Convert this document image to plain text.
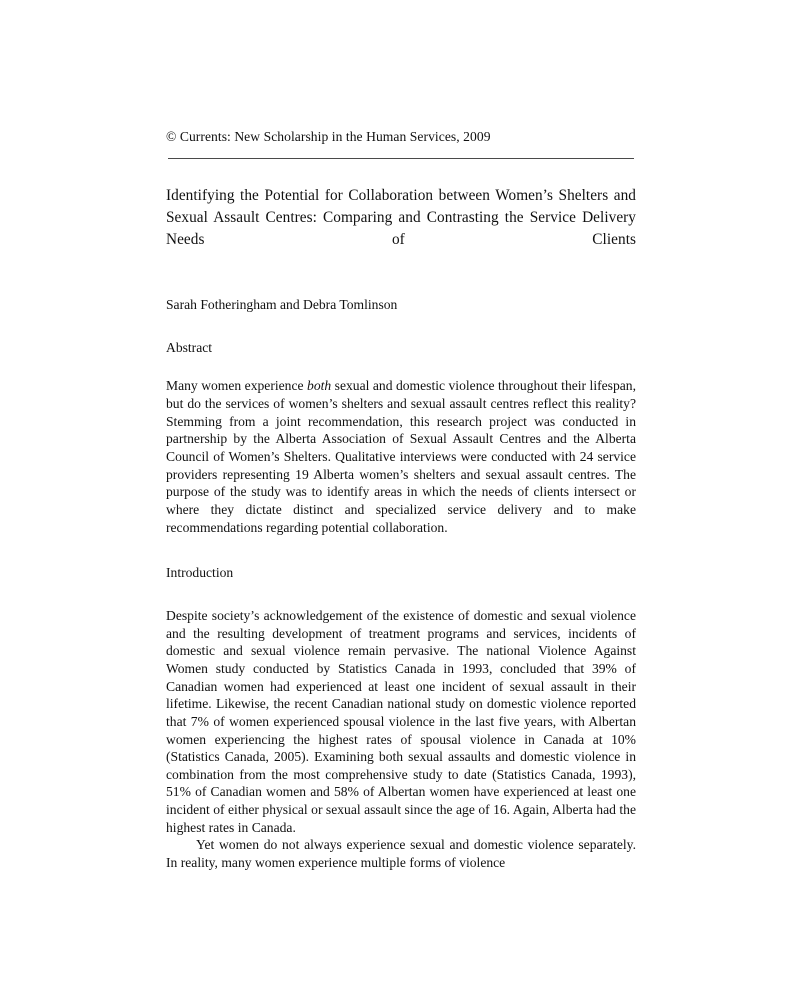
© Currents: New Scholarship in the Human Services, 2009
Identifying the Potential for Collaboration between Women’s Shelters and Sexual Assault Centres: Comparing and Contrasting the Service Delivery Needs of Clients
Sarah Fotheringham and Debra Tomlinson
Abstract

Many women experience both sexual and domestic violence throughout their lifespan, but do the services of women’s shelters and sexual assault centres reflect this reality? Stemming from a joint recommendation, this research project was conducted in partnership by the Alberta Association of Sexual Assault Centres and the Alberta Council of Women’s Shelters. Qualitative interviews were conducted with 24 service providers representing 19 Alberta women’s shelters and sexual assault centres. The purpose of the study was to identify areas in which the needs of clients intersect or where they dictate distinct and specialized service delivery and to make recommendations regarding potential collaboration.

Introduction

Despite society’s acknowledgement of the existence of domestic and sexual violence and the resulting development of treatment programs and services, incidents of domestic and sexual violence remain pervasive. The national Violence Against Women study conducted by Statistics Canada in 1993, concluded that 39% of Canadian women had experienced at least one incident of sexual assault in their lifetime. Likewise, the recent Canadian national study on domestic violence reported that 7% of women experienced spousal violence in the last five years, with Albertan women experiencing the highest rates of spousal violence in Canada at 10% (Statistics Canada, 2005). Examining both sexual assaults and domestic violence in combination from the most comprehensive study to date (Statistics Canada, 1993), 51% of Canadian women and 58% of Albertan women have experienced at least one incident of either physical or sexual assault since the age of 16. Again, Alberta had the highest rates in Canada.

Yet women do not always experience sexual and domestic violence separately. In reality, many women experience multiple forms of violence
